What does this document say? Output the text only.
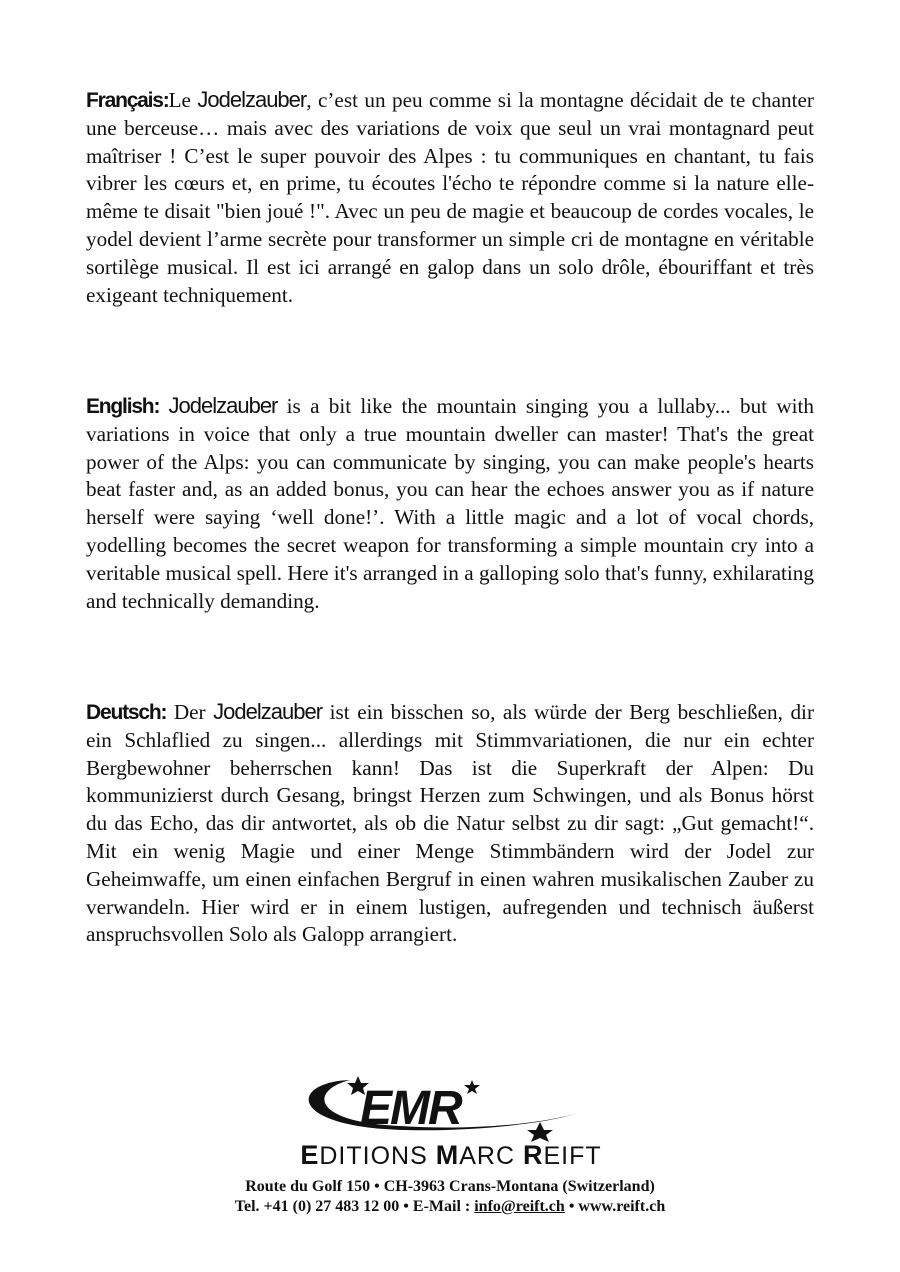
Français:Le Jodelzauber, c’est un peu comme si la montagne décidait de te chanter une berceuse… mais avec des variations de voix que seul un vrai montagnard peut maîtriser ! C’est le super pouvoir des Alpes : tu communiques en chantant, tu fais vibrer les cœurs et, en prime, tu écoutes l'écho te répondre comme si la nature elle-même te disait "bien joué !". Avec un peu de magie et beaucoup de cordes vocales, le yodel devient l’arme secrète pour transformer un simple cri de montagne en véritable sortilège musical. Il est ici arrangé en galop dans un solo drôle, ébouriffant et très exigeant techniquement.

English: Jodelzauber is a bit like the mountain singing you a lullaby... but with variations in voice that only a true mountain dweller can master! That's the great power of the Alps: you can communicate by singing, you can make people's hearts beat faster and, as an added bonus, you can hear the echoes answer you as if nature herself were saying ‘well done!’. With a little magic and a lot of vocal chords, yodelling becomes the secret weapon for transforming a simple mountain cry into a veritable musical spell. Here it's arranged in a galloping solo that's funny, exhilarating and technically demanding.

Deutsch: Der Jodelzauber ist ein bisschen so, als würde der Berg beschließen, dir ein Schlaflied zu singen... allerdings mit Stimmvariationen, die nur ein echter Bergbewohner beherrschen kann! Das ist die Superkraft der Alpen: Du kommunizierst durch Gesang, bringst Herzen zum Schwingen, und als Bonus hörst du das Echo, das dir antwortet, als ob die Natur selbst zu dir sagt: „Gut gemacht!“. Mit ein wenig Magie und einer Menge Stimmbändern wird der Jodel zur Geheimwaffe, um einen einfachen Bergruf in einen wahren musikalischen Zauber zu verwandeln. Hier wird er in einem lustigen, aufregenden und technisch äußerst anspruchsvollen Solo als Galopp arrangiert.

EMR
EDITIONS MARC REIFT
Route du Golf 150 • CH-3963 Crans-Montana (Switzerland)
Tel. +41 (0) 27 483 12 00 • E-Mail : info@reift.ch • www.reift.ch
